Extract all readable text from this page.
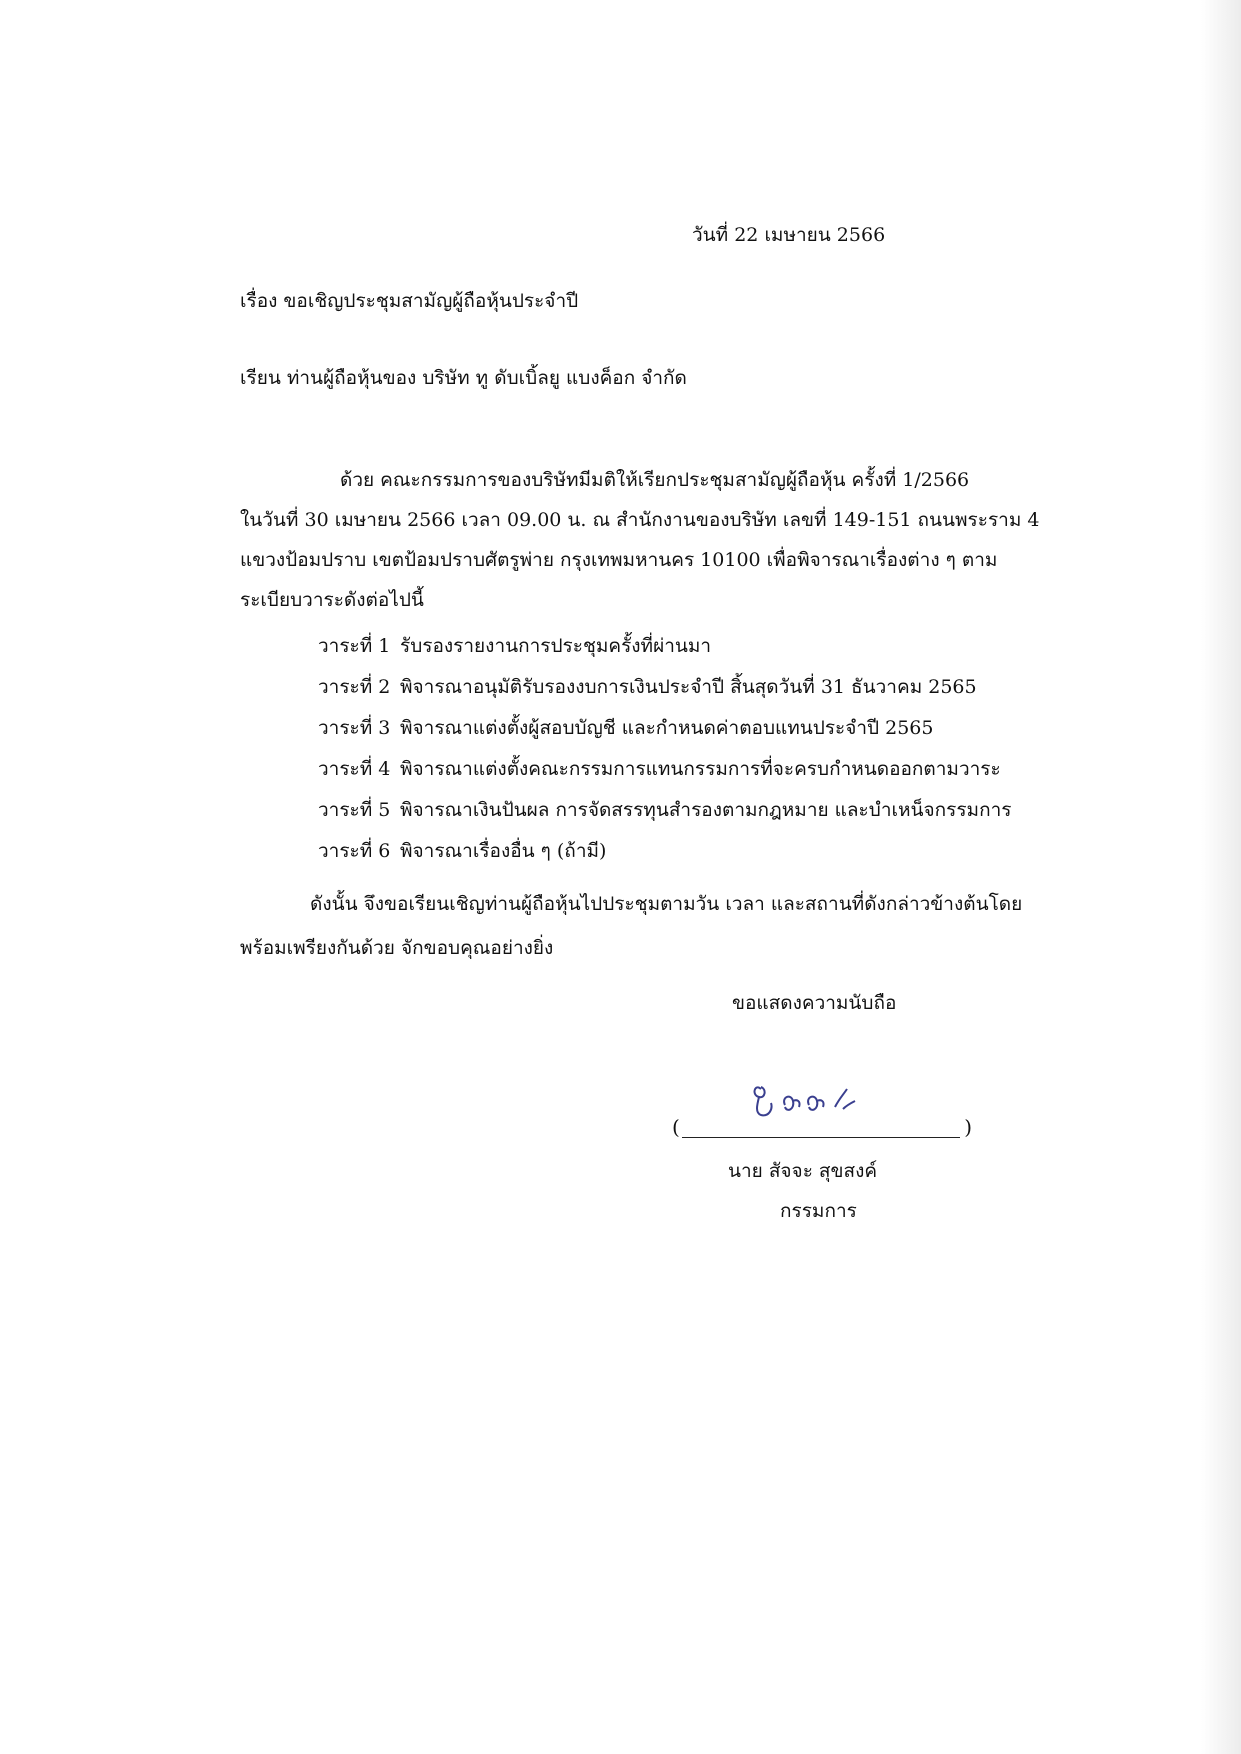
วันที่ 22 เมษายน 2566
เรื่อง ขอเชิญประชุมสามัญผู้ถือหุ้นประจำปี
เรียน ท่านผู้ถือหุ้นของ บริษัท ทู ดับเบิ้ลยู แบงค็อก จำกัด
ด้วย คณะกรรมการของบริษัทมีมติให้เรียกประชุมสามัญผู้ถือหุ้น ครั้งที่ 1/2566
ในวันที่ 30 เมษายน 2566 เวลา 09.00 น. ณ สำนักงานของบริษัท เลขที่ 149-151 ถนนพระราม 4
แขวงป้อมปราบ เขตป้อมปราบศัตรูพ่าย กรุงเทพมหานคร 10100 เพื่อพิจารณาเรื่องต่าง ๆ ตาม
ระเบียบวาระดังต่อไปนี้
วาระที่ 1 รับรองรายงานการประชุมครั้งที่ผ่านมา
วาระที่ 2 พิจารณาอนุมัติรับรองงบการเงินประจำปี สิ้นสุดวันที่ 31 ธันวาคม 2565
วาระที่ 3 พิจารณาแต่งตั้งผู้สอบบัญชี และกำหนดค่าตอบแทนประจำปี 2565
วาระที่ 4 พิจารณาแต่งตั้งคณะกรรมการแทนกรรมการที่จะครบกำหนดออกตามวาระ
วาระที่ 5 พิจารณาเงินปันผล การจัดสรรทุนสำรองตามกฎหมาย และบำเหน็จกรรมการ
วาระที่ 6 พิจารณาเรื่องอื่น ๆ (ถ้ามี)
ดังนั้น จึงขอเรียนเชิญท่านผู้ถือหุ้นไปประชุมตามวัน เวลา และสถานที่ดังกล่าวข้างต้นโดย
พร้อมเพรียงกันด้วย จักขอบคุณอย่างยิ่ง
ขอแสดงความนับถือ
(	)
นาย สัจจะ สุขสงค์
กรรมการ
